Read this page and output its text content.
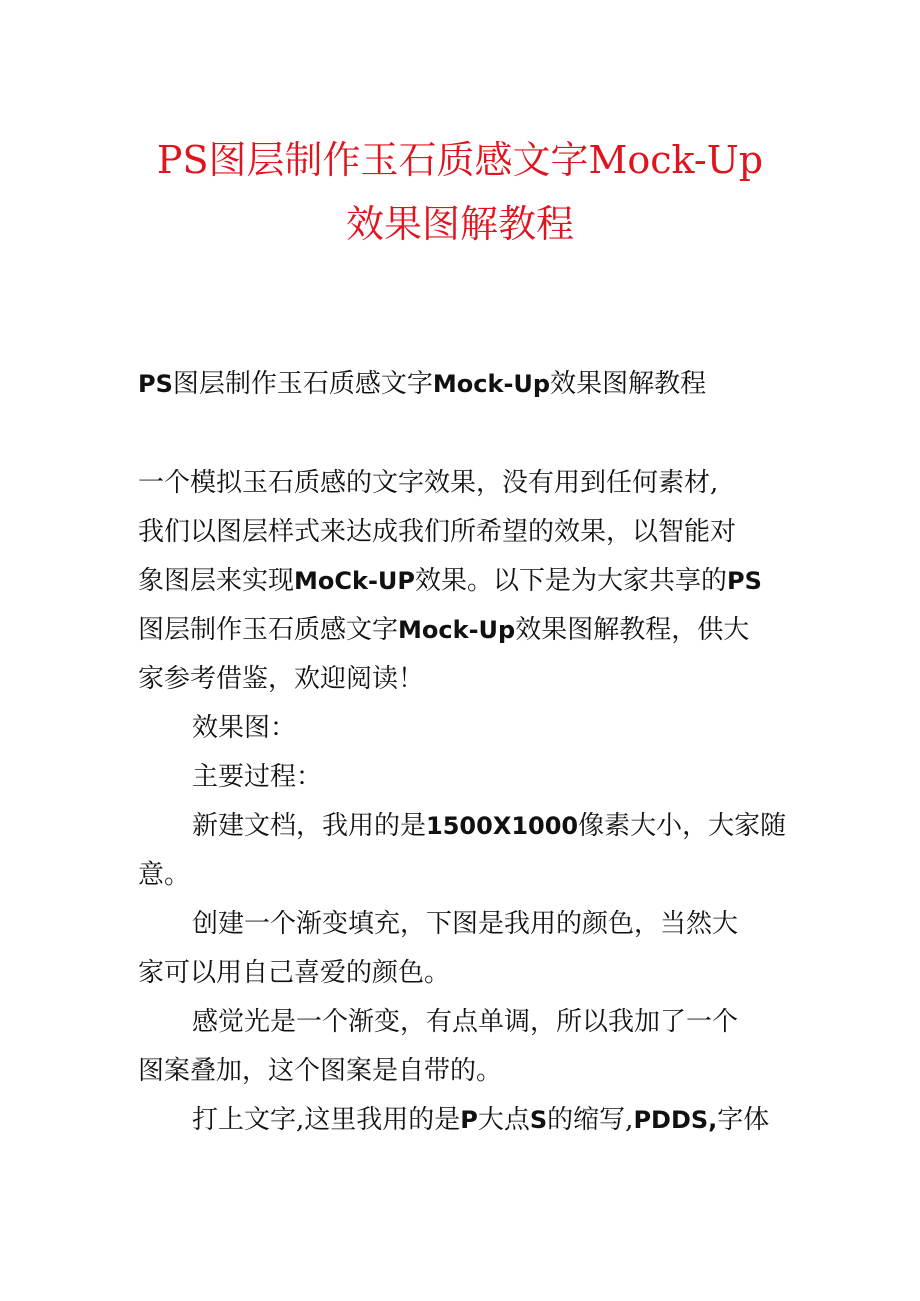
PS图层制作玉石质感文字Mock-Up
效果图解教程

PS图层制作玉石质感文字Mock-Up效果图解教程

一个模拟玉石质感的文字效果，没有用到任何素材,
我们以图层样式来达成我们所希望的效果，以智能对
象图层来实现MoCk-UP效果。以下是为大家共享的PS
图层制作玉石质感文字Mock-Up效果图解教程，供大
家参考借鉴，欢迎阅读！
效果图：
主要过程：
新建文档，我用的是1500X1000像素大小，大家随
意。
创建一个渐变填充，下图是我用的颜色，当然大
家可以用自己喜爱的颜色。
感觉光是一个渐变，有点单调，所以我加了一个
图案叠加，这个图案是自带的。
打上文字,这里我用的是P大点S的缩写,PDDS,字体
